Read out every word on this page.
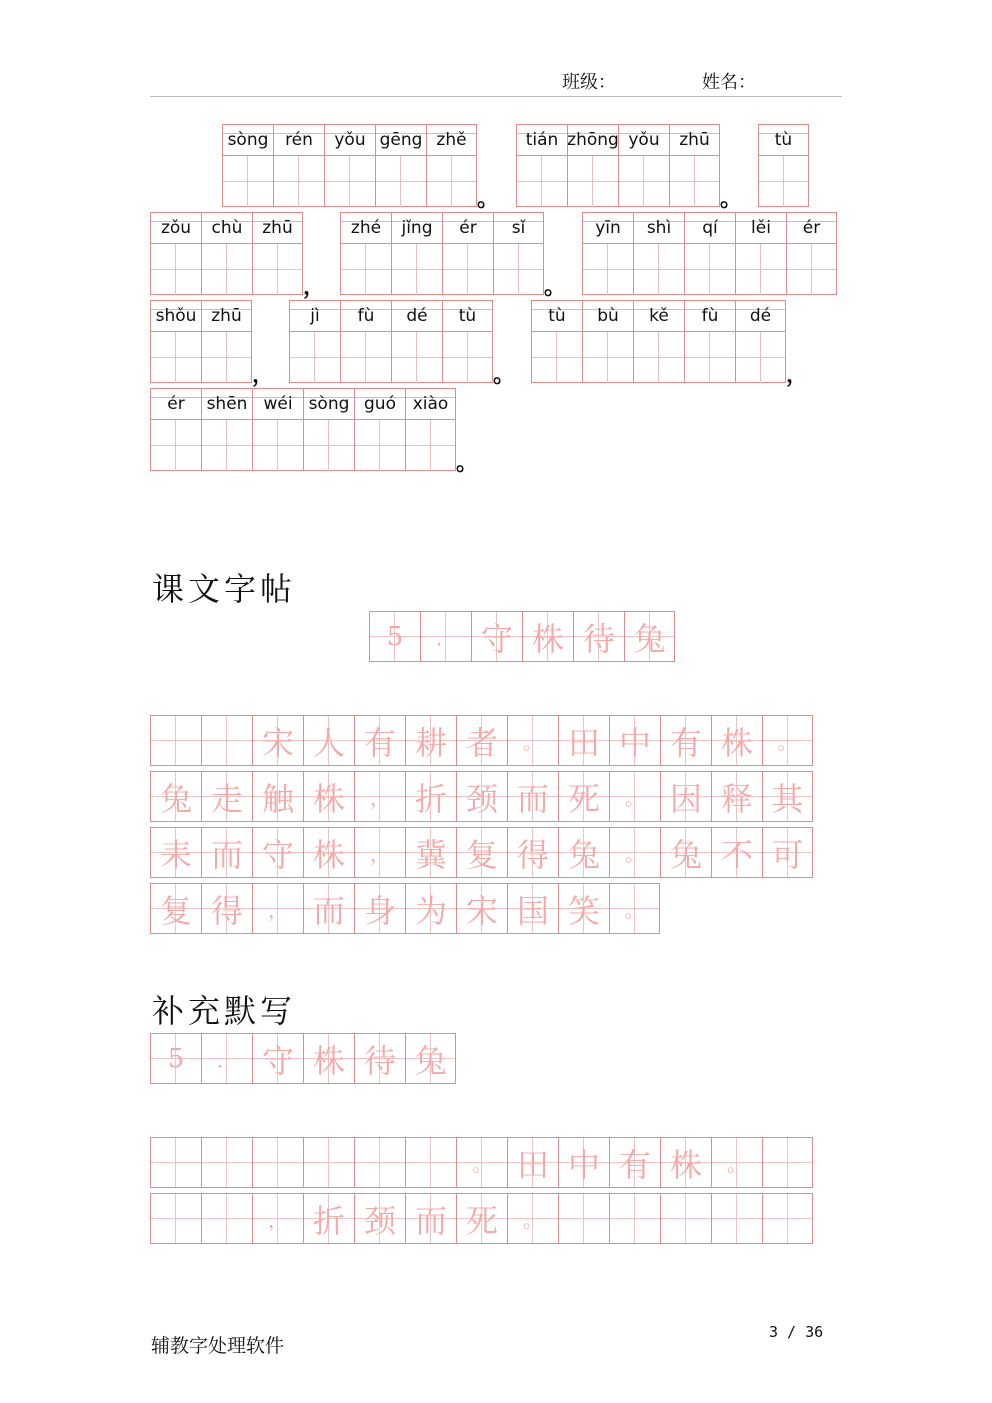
班级：	姓名：
sòng rén	yǒu gēng zhě
。
tián zhōng yǒu	zhū
。
tù
zǒu	chù	zhū
，
zhé	jǐng	ér	sǐ
。
yīn	shì	qí	lěi	ér
shǒu zhū
，
jì	fù	dé	tù
。
tù	bù	kě	fù	dé
，
ér	shēn wéi sòng guó xiào
。
课文字帖
5	． 守 株 待 兔
宋 人 有 耕 者	。 田 中 有 株	。
兔 走 触 株	， 折 颈 而 死	。 因 释 其
耒 而 守 株	， 冀 复 得 兔	。 兔 不 可
复 得	， 而 身 为 宋 国 笑	。
补充默写
5	． 守 株 待 兔
。 田 中 有 株	。
， 折 颈 而 死	。
辅教字处理软件
3 / 36
